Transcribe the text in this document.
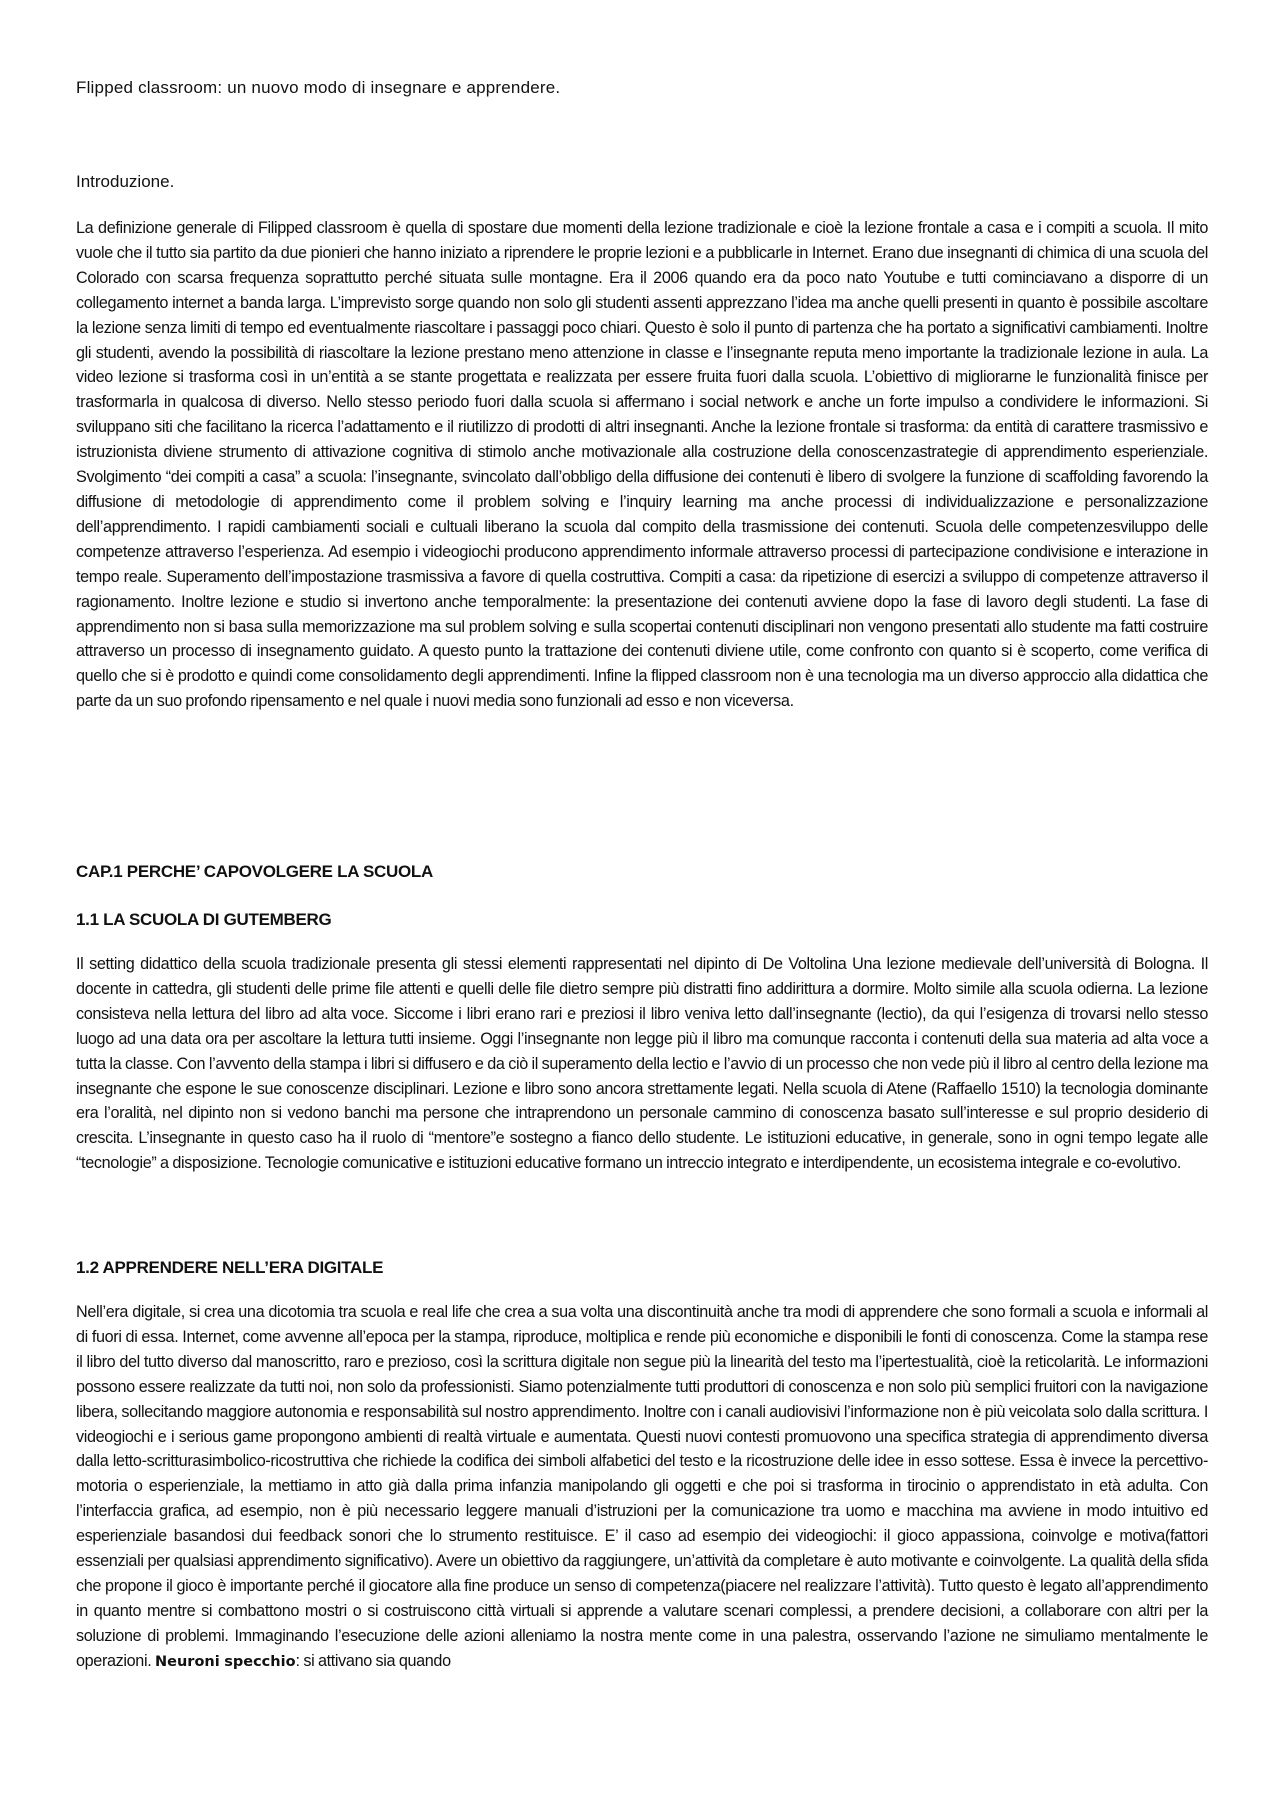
Flipped classroom: un nuovo modo di insegnare e apprendere.
Introduzione.

La definizione generale di Filipped classroom è quella di spostare due momenti della lezione tradizionale e cioè la lezione frontale a casa e i compiti a scuola. Il mito vuole che il tutto sia partito da due pionieri che hanno iniziato a riprendere le proprie lezioni e a pubblicarle in Internet. Erano due insegnanti di chimica di una scuola del Colorado con scarsa frequenza soprattutto perché situata sulle montagne. Era il 2006 quando era da poco nato Youtube e tutti cominciavano a disporre di un collegamento internet a banda larga. L’imprevisto sorge quando non solo gli studenti assenti apprezzano l’idea ma anche quelli presenti in quanto è possibile ascoltare la lezione senza limiti di tempo ed eventualmente riascoltare i passaggi poco chiari. Questo è solo il punto di partenza che ha portato a significativi cambiamenti. Inoltre gli studenti, avendo la possibilità di riascoltare la lezione prestano meno attenzione in classe e l’insegnante reputa meno importante la tradizionale lezione in aula. La video lezione si trasforma così in un’entità a se stante progettata e realizzata per essere fruita fuori dalla scuola. L’obiettivo di migliorarne le funzionalità finisce per trasformarla in qualcosa di diverso. Nello stesso periodo fuori dalla scuola si affermano i social network e anche un forte impulso a condividere le informazioni. Si sviluppano siti che facilitano la ricerca l’adattamento e il riutilizzo di prodotti di altri insegnanti. Anche la lezione frontale si trasforma: da entità di carattere trasmissivo e istruzionista diviene strumento di attivazione cognitiva di stimolo anche motivazionale alla costruzione della conoscenzastrategie di apprendimento esperienziale. Svolgimento “dei compiti a casa” a scuola: l’insegnante, svincolato dall’obbligo della diffusione dei contenuti è libero di svolgere la funzione di scaffolding favorendo la diffusione di metodologie di apprendimento come il problem solving e l’inquiry learning ma anche processi di individualizzazione e personalizzazione dell’apprendimento. I rapidi cambiamenti sociali e cultuali liberano la scuola dal compito della trasmissione dei contenuti. Scuola delle competenzesviluppo delle competenze attraverso l’esperienza. Ad esempio i videogiochi producono apprendimento informale attraverso processi di partecipazione condivisione e interazione in tempo reale. Superamento dell’impostazione trasmissiva a favore di quella costruttiva. Compiti a casa: da ripetizione di esercizi a sviluppo di competenze attraverso il ragionamento. Inoltre lezione e studio si invertono anche temporalmente: la presentazione dei contenuti avviene dopo la fase di lavoro degli studenti. La fase di apprendimento non si basa sulla memorizzazione ma sul problem solving e sulla scopertai contenuti disciplinari non vengono presentati allo studente ma fatti costruire attraverso un processo di insegnamento guidato. A questo punto la trattazione dei contenuti diviene utile, come confronto con quanto si è scoperto, come verifica di quello che si è prodotto e quindi come consolidamento degli apprendimenti. Infine la flipped classroom non è una tecnologia ma un diverso approccio alla didattica che parte da un suo profondo ripensamento e nel quale i nuovi media sono funzionali ad esso e non viceversa.

CAP.1 PERCHE’ CAPOVOLGERE LA SCUOLA
1.1 LA SCUOLA DI GUTEMBERG

Il setting didattico della scuola tradizionale presenta gli stessi elementi rappresentati nel dipinto di De Voltolina Una lezione medievale dell’università di Bologna. Il docente in cattedra, gli studenti delle prime file attenti e quelli delle file dietro sempre più distratti fino addirittura a dormire. Molto simile alla scuola odierna. La lezione consisteva nella lettura del libro ad alta voce. Siccome i libri erano rari e preziosi il libro veniva letto dall’insegnante (lectio), da qui l’esigenza di trovarsi nello stesso luogo ad una data ora per ascoltare la lettura tutti insieme. Oggi l’insegnante non legge più il libro ma comunque racconta i contenuti della sua materia ad alta voce a tutta la classe. Con l’avvento della stampa i libri si diffusero e da ciò il superamento della lectio e l’avvio di un processo che non vede più il libro al centro della lezione ma insegnante che espone le sue conoscenze disciplinari. Lezione e libro sono ancora strettamente legati. Nella scuola di Atene (Raffaello 1510) la tecnologia dominante era l’oralità, nel dipinto non si vedono banchi ma persone che intraprendono un personale cammino di conoscenza basato sull’interesse e sul proprio desiderio di crescita. L’insegnante in questo caso ha il ruolo di “mentore”e sostegno a fianco dello studente. Le istituzioni educative, in generale, sono in ogni tempo legate alle “tecnologie” a disposizione. Tecnologie comunicative e istituzioni educative formano un intreccio integrato e interdipendente, un ecosistema integrale e co-evolutivo.

1.2 APPRENDERE NELL’ERA DIGITALE

Nell’era digitale, si crea una dicotomia tra scuola e real life che crea a sua volta una discontinuità anche tra modi di apprendere che sono formali a scuola e informali al di fuori di essa. Internet, come avvenne all’epoca per la stampa, riproduce, moltiplica e rende più economiche e disponibili le fonti di conoscenza. Come la stampa rese il libro del tutto diverso dal manoscritto, raro e prezioso, così la scrittura digitale non segue più la linearità del testo ma l’ipertestualità, cioè la reticolarità. Le informazioni possono essere realizzate da tutti noi, non solo da professionisti. Siamo potenzialmente tutti produttori di conoscenza e non solo più semplici fruitori con la navigazione libera, sollecitando maggiore autonomia e responsabilità sul nostro apprendimento. Inoltre con i canali audiovisivi l’informazione non è più veicolata solo dalla scrittura. I videogiochi e i serious game propongono ambienti di realtà virtuale e aumentata. Questi nuovi contesti promuovono una specifica strategia di apprendimento diversa dalla letto-scritturasimbolico-ricostruttiva che richiede la codifica dei simboli alfabetici del testo e la ricostruzione delle idee in esso sottese. Essa è invece la percettivo-motoria o esperienziale, la mettiamo in atto già dalla prima infanzia manipolando gli oggetti e che poi si trasforma in tirocinio o apprendistato in età adulta. Con l’interfaccia grafica, ad esempio, non è più necessario leggere manuali d’istruzioni per la comunicazione tra uomo e macchina ma avviene in modo intuitivo ed esperienziale basandosi dui feedback sonori che lo strumento restituisce. E’ il caso ad esempio dei videogiochi: il gioco appassiona, coinvolge e motiva(fattori essenziali per qualsiasi apprendimento significativo). Avere un obiettivo da raggiungere, un’attività da completare è auto motivante e coinvolgente. La qualità della sfida che propone il gioco è importante perché il giocatore alla fine produce un senso di competenza(piacere nel realizzare l’attività). Tutto questo è legato all’apprendimento in quanto mentre si combattono mostri o si costruiscono città virtuali si apprende a valutare scenari complessi, a prendere decisioni, a collaborare con altri per la soluzione di problemi. Immaginando l’esecuzione delle azioni alleniamo la nostra mente come in una palestra, osservando l’azione ne simuliamo mentalmente le operazioni. Neuroni specchio: si attivano sia quando
